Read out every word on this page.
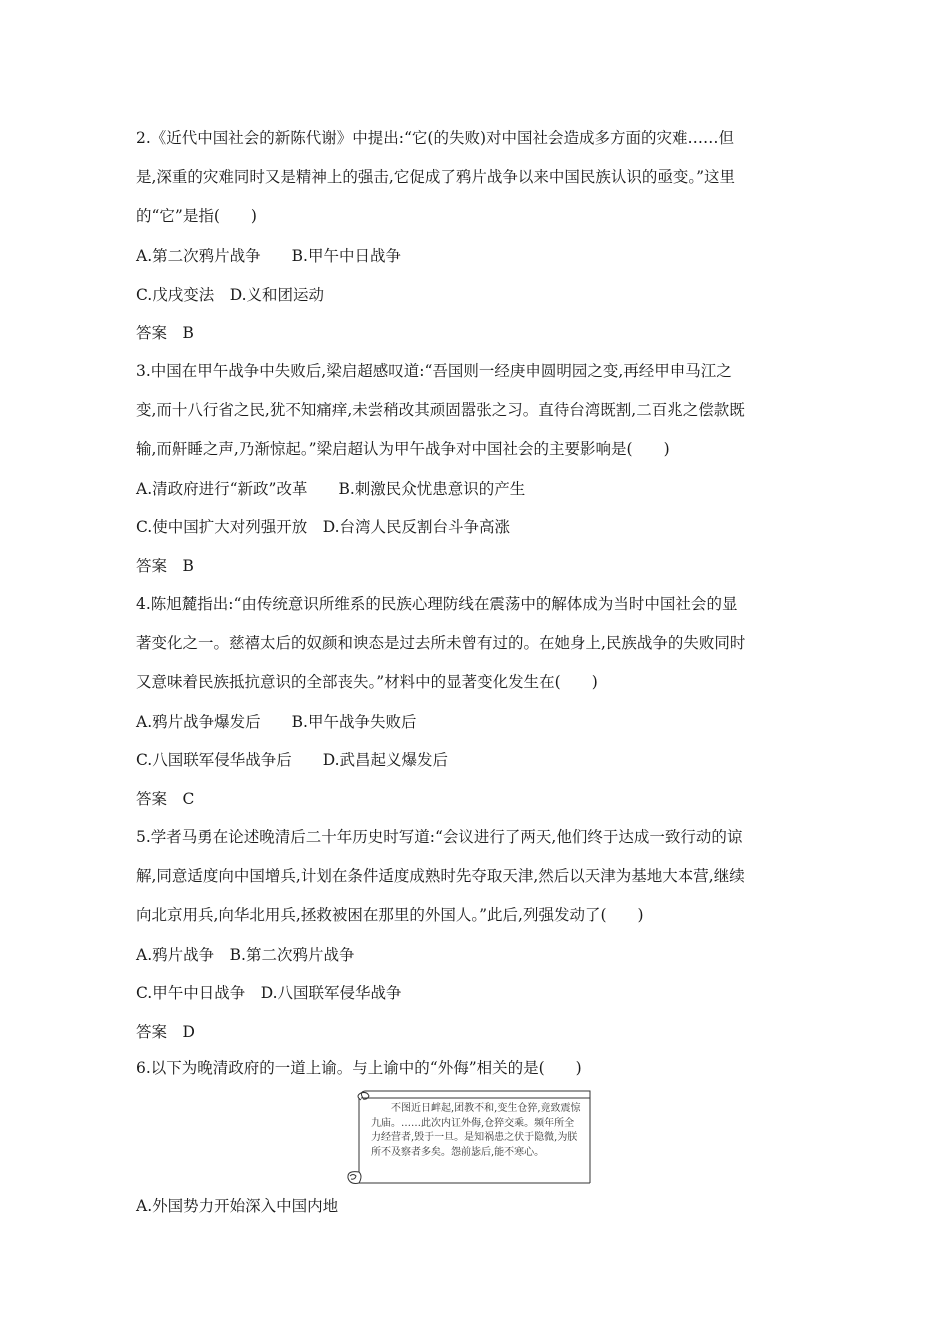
2.《近代中国社会的新陈代谢》中提出:“它(的失败)对中国社会造成多方面的灾难……但
是,深重的灾难同时又是精神上的强击,它促成了鸦片战争以来中国民族认识的亟变。”这里
的“它”是指(　　)
A.第二次鸦片战争　　B.甲午中日战争
C.戊戌变法　D.义和团运动
答案　B
3.中国在甲午战争中失败后,梁启超感叹道:“吾国则一经庚申圆明园之变,再经甲申马江之
变,而十八行省之民,犹不知痛痒,未尝稍改其顽固嚣张之习。直待台湾既割,二百兆之偿款既
输,而鼾睡之声,乃渐惊起。”梁启超认为甲午战争对中国社会的主要影响是(　　)
A.清政府进行“新政”改革　　B.刺激民众忧患意识的产生
C.使中国扩大对列强开放　D.台湾人民反割台斗争高涨
答案　B
4.陈旭麓指出:“由传统意识所维系的民族心理防线在震荡中的解体成为当时中国社会的显
著变化之一。慈禧太后的奴颜和谀态是过去所未曾有过的。在她身上,民族战争的失败同时
又意味着民族抵抗意识的全部丧失。”材料中的显著变化发生在(　　)
A.鸦片战争爆发后　　B.甲午战争失败后
C.八国联军侵华战争后　　D.武昌起义爆发后
答案　C
5.学者马勇在论述晚清后二十年历史时写道:“会议进行了两天,他们终于达成一致行动的谅
解,同意适度向中国增兵,计划在条件适度成熟时先夺取天津,然后以天津为基地大本营,继续
向北京用兵,向华北用兵,拯救被困在那里的外国人。”此后,列强发动了(　　)
A.鸦片战争　B.第二次鸦片战争
C.甲午中日战争　D.八国联军侵华战争
答案　D
6.以下为晚清政府的一道上谕。与上谕中的“外侮”相关的是(　　)
不图近日衅起,团教不和,变生仓猝,竟致震惊九庙。……此次内讧外侮,仓猝交乘。频年所全力经营者,毁于一旦。是知祸患之伏于隐微,为朕所不及察者多矣。怨前毖后,能不寒心。
A.外国势力开始深入中国内地
